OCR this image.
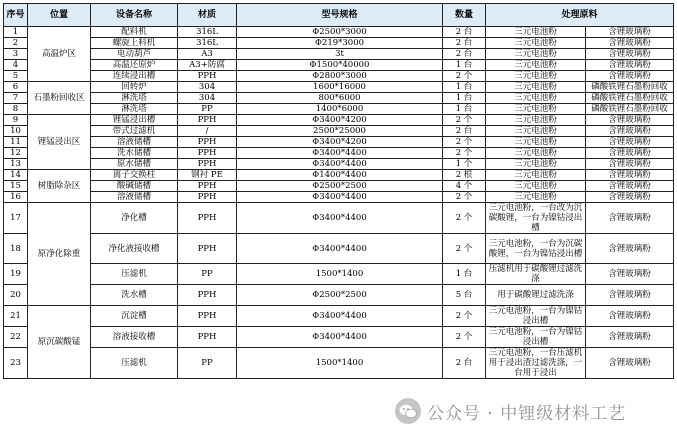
序号	位置	设备名称	材质	型号规格	数量	处理原料	
1	高温炉区	配料机	316L	Φ2500*3000	2 台	三元电池粉	含锂玻璃粉
2		螺旋上料机	316L	Φ219*3000	2 台	三元电池粉	含锂玻璃粉
3		电动葫芦	A3	3t	2 台	三元电池粉	含锂玻璃粉
4		高温还原炉	A3+防腐	Φ1500*40000	1 台	三元电池粉	含锂玻璃粉
5		连续浸出槽	PPH	Φ2800*3000	2 个	三元电池粉	含锂玻璃粉
6	石墨粉回收区	回转炉	304	1600*16000	1 台	三元电池粉	磷酸铁锂石墨粉回收
7		淋洗塔	304	800*6000	1 台	三元电池粉	磷酸铁锂石墨粉回收
8		淋洗塔	PP	1400*6000	1 台	三元电池粉	磷酸铁锂石墨粉回收
9	锂锰浸出区	锂锰浸出槽	PPH	Φ3400*4200	2 个	三元电池粉	含锂玻璃粉
10		带式过滤机	/	2500*25000	2 台	三元电池粉	含锂玻璃粉
11		溶液储槽	PPH	Φ3400*4200	2 个	三元电池粉	含锂玻璃粉
12		洗水储槽	PPH	Φ3400*4400	2 个	三元电池粉	含锂玻璃粉
13		原水储槽	PPH	Φ3400*4400	1 个	三元电池粉	含锂玻璃粉
14	树脂除杂区	离子交换柱	钢衬 PE	Φ1400*4400	2 根	三元电池粉	含锂玻璃粉
15		酸碱储槽	PPH	Φ2500*2500	4 个	三元电池粉	含锂玻璃粉
16		溶液储槽	PPH	Φ3400*4400	2 个	三元电池粉	含锂玻璃粉
17	原净化除重	净化槽	PPH	Φ3400*4400	2 个	三元电池粉，一台改为沉碳酸锂，一台为镍钴浸出槽	含锂玻璃粉
18		净化液接收槽	PPH	Φ3400*4400	2 个	三元电池粉，一台为沉碳酸锂，一台为镍钴浸出槽	含锂玻璃粉
19		压滤机	PP	1500*1400	1 台	压滤机用于碳酸锂过滤洗涤	含锂玻璃粉
20		洗水槽	PPH	Φ2500*2500	5 台	用于碳酸锂过滤洗涤	含锂玻璃粉
21	原沉碳酸锰	沉淀槽	PPH	Φ3400*4400	2 个	三元电池粉，一台为镍钴浸出槽	含锂玻璃粉
22		溶液接收槽	PPH	Φ3400*4400	2 个	三元电池粉，一台为镍钴浸出槽	含锂玻璃粉
23		压滤机	PP	1500*1400	2 台	三元电池粉，一台压滤机用于浸出渣过滤洗涤，一台用于浸出	含锂玻璃粉
公众号 · 中锂级材料工艺
